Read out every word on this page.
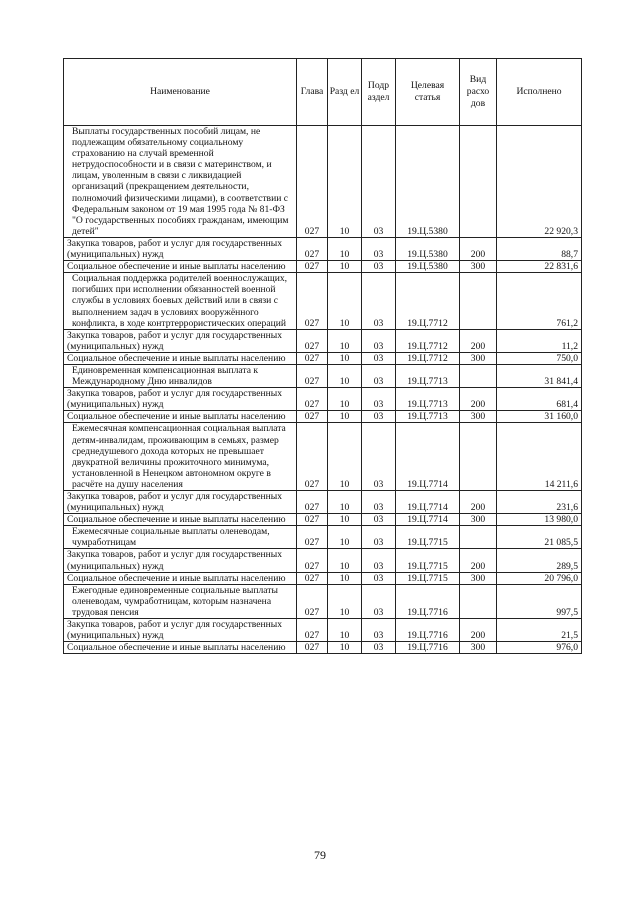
Наименование	Глава	Разд ел	Подр аздел	Целевая статья	Вид расхо дов	Исполнено
Выплаты государственных пособий лицам, не подлежащим обязательному социальному страхованию на случай временной нетрудоспособности и в связи с материнством, и лицам, уволенным в связи с ликвидацией организаций (прекращением деятельности, полномочий физическими лицами), в соответствии с Федеральным законом от 19 мая 1995 года № 81-ФЗ "О государственных пособиях гражданам, имеющим детей"	027	10	03	19.Ц.5380		22 920,3
Закупка товаров, работ и услуг для государственных (муниципальных) нужд	027	10	03	19.Ц.5380	200	88,7
Социальное обеспечение и иные выплаты населению	027	10	03	19.Ц.5380	300	22 831,6
Социальная поддержка родителей военнослужащих, погибших при исполнении обязанностей военной службы в условиях боевых действий или в связи с выполнением задач в условиях вооружённого конфликта, в ходе контртеррористических операций	027	10	03	19.Ц.7712		761,2
Закупка товаров, работ и услуг для государственных (муниципальных) нужд	027	10	03	19.Ц.7712	200	11,2
Социальное обеспечение и иные выплаты населению	027	10	03	19.Ц.7712	300	750,0
Единовременная компенсационная выплата к Международному Дню инвалидов	027	10	03	19.Ц.7713		31 841,4
Закупка товаров, работ и услуг для государственных (муниципальных) нужд	027	10	03	19.Ц.7713	200	681,4
Социальное обеспечение и иные выплаты населению	027	10	03	19.Ц.7713	300	31 160,0
Ежемесячная компенсационная социальная выплата детям-инвалидам, проживающим в семьях, размер среднедушевого дохода которых не превышает двукратной величины прожиточного минимума, установленной в Ненецком автономном округе в расчёте на душу населения	027	10	03	19.Ц.7714		14 211,6
Закупка товаров, работ и услуг для государственных (муниципальных) нужд	027	10	03	19.Ц.7714	200	231,6
Социальное обеспечение и иные выплаты населению	027	10	03	19.Ц.7714	300	13 980,0
Ежемесячные социальные выплаты оленеводам, чумработницам	027	10	03	19.Ц.7715		21 085,5
Закупка товаров, работ и услуг для государственных (муниципальных) нужд	027	10	03	19.Ц.7715	200	289,5
Социальное обеспечение и иные выплаты населению	027	10	03	19.Ц.7715	300	20 796,0
Ежегодные единовременные социальные выплаты оленеводам, чумработницам, которым назначена трудовая пенсия	027	10	03	19.Ц.7716		997,5
Закупка товаров, работ и услуг для государственных (муниципальных) нужд	027	10	03	19.Ц.7716	200	21,5
Социальное обеспечение и иные выплаты населению	027	10	03	19.Ц.7716	300	976,0
79
